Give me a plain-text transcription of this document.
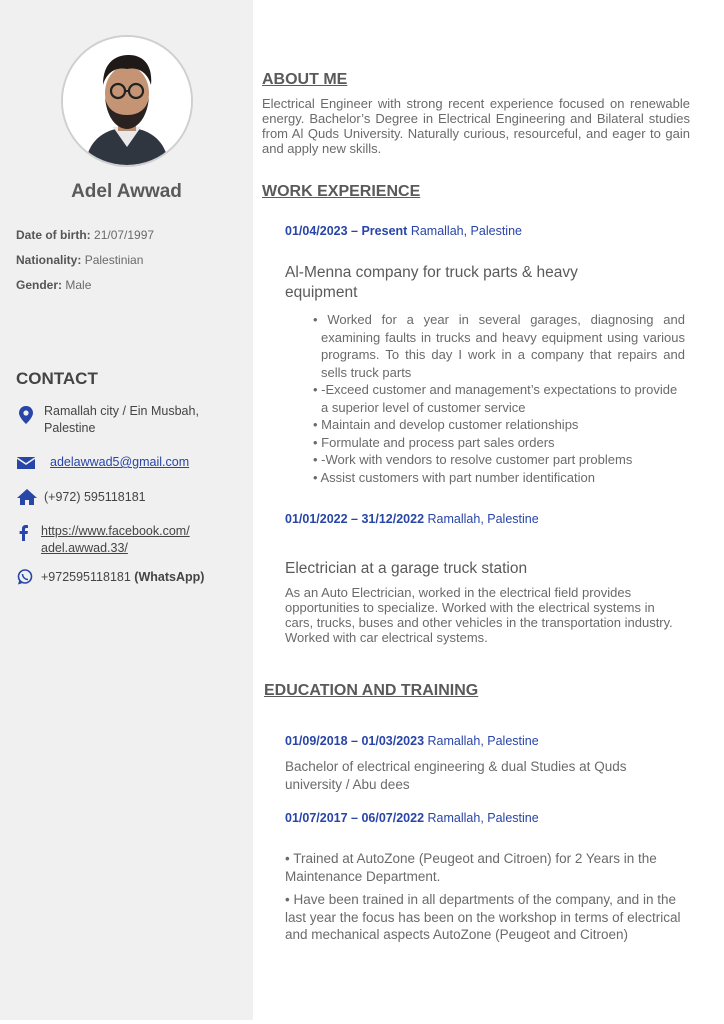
Adel Awwad
Date of birth: 21/07/1997
Nationality: Palestinian
Gender: Male
CONTACT
Ramallah city / Ein Musbah,
Palestine
adelawwad5@gmail.com
(+972) 595118181
https://www.facebook.com/
adel.awwad.33/
+972595118181 (WhatsApp)
ABOUT ME
Electrical Engineer with strong recent experience focused on renewable energy. Bachelor’s Degree in Electrical Engineering and Bilateral studies from Al Quds University. Naturally curious, resourceful, and eager to gain and apply new skills.
WORK EXPERIENCE
01/04/2023 – Present Ramallah, Palestine
Al-Menna company for truck parts & heavy
equipment
• Worked for a year in several garages, diagnosing and examining faults in trucks and heavy equipment using various programs. To this day I work in a company that repairs and sells truck parts
• -Exceed customer and management’s expectations to provide a superior level of customer service
• Maintain and develop customer relationships
• Formulate and process part sales orders
• -Work with vendors to resolve customer part problems
• Assist customers with part number identification
01/01/2022 – 31/12/2022 Ramallah, Palestine
Electrician at a garage truck station
As an Auto Electrician, worked in the electrical field provides opportunities to specialize. Worked with the electrical systems in cars, trucks, buses and other vehicles in the transportation industry. Worked with car electrical systems.
EDUCATION AND TRAINING
01/09/2018 – 01/03/2023 Ramallah, Palestine
Bachelor of electrical engineering & dual Studies at Quds university / Abu dees
01/07/2017 – 06/07/2022 Ramallah, Palestine
• Trained at AutoZone (Peugeot and Citroen) for 2 Years in the Maintenance Department.
• Have been trained in all departments of the company, and in the last year the focus has been on the workshop in terms of electrical and mechanical aspects AutoZone (Peugeot and Citroen)
